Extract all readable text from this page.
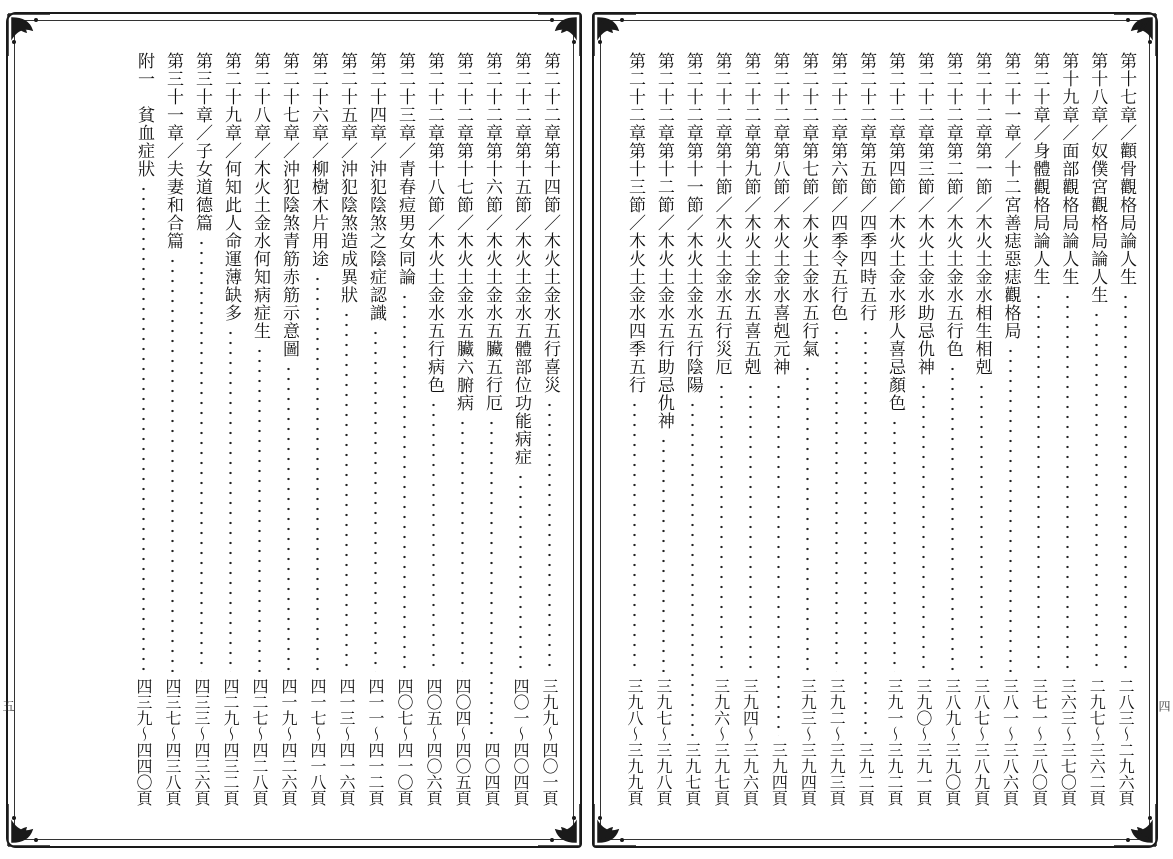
第二十二章第十四節／木火土金水五行喜災
三九九～四〇一頁
第二十二章第十五節／木火土金水五體部位功能病症
四〇一～四〇四頁
第二十二章第十六節／木火土金水五臟五行厄
四〇四頁
第二十二章第十七節／木火土金水五臟六腑病
四〇四～四〇五頁
第二十二章第十八節／木火土金水五行病色
四〇五～四〇六頁
第二十三章／青春痘男女同論
四〇七～四一〇頁
第二十四章／沖犯陰煞之陰症認識
四一一～四一二頁
第二十五章／沖犯陰煞造成異狀
四一三～四一六頁
第二十六章／柳樹木片用途
四一七～四一八頁
第二十七章／沖犯陰煞青筋赤筋示意圖
四一九～四二六頁
第二十八章／木火土金水何知病症生
四二七～四二八頁
第二十九章／何知此人命運薄缺多
四二九～四三二頁
第三十章／子女道德篇
四三三～四三六頁
第三十一章／夫妻和合篇
四三七～四三八頁
附一　貧血症狀
四三九～四四〇頁
五
第十七章／顴骨觀格局論人生
二八三～二九六頁
第十八章／奴僕宮觀格局論人生
二九七～三六二頁
第十九章／面部觀格局論人生
三六三～三七〇頁
第二十章／身體觀格局論人生
三七一～三八〇頁
第二十一章／十二宮善痣惡痣觀格局
三八一～三八六頁
第二十二章第一節／木火土金水相生相剋
三八七～三八九頁
第二十二章第二節／木火土金水五行色
三八九～三九〇頁
第二十二章第三節／木火土金水助忌仇神
三九〇～三九一頁
第二十二章第四節／木火土金水形人喜忌顏色
三九一～三九二頁
第二十二章第五節／四季四時五行
三九二頁
第二十二章第六節／四季令五行色
三九二～三九三頁
第二十二章第七節／木火土金水五行氣
三九三～三九四頁
第二十二章第八節／木火土金水喜剋元神
三九四頁
第二十二章第九節／木火土金水五喜五剋
三九四～三九六頁
第二十二章第十節／木火土金水五行災厄
三九六～三九七頁
第二十二章第十一節／木火土金水五行陰陽
三九七頁
第二十二章第十二節／木火土金水五行助忌仇神
三九七～三九八頁
第二十二章第十三節／木火土金水四季五行
三九八～三九九頁	四
